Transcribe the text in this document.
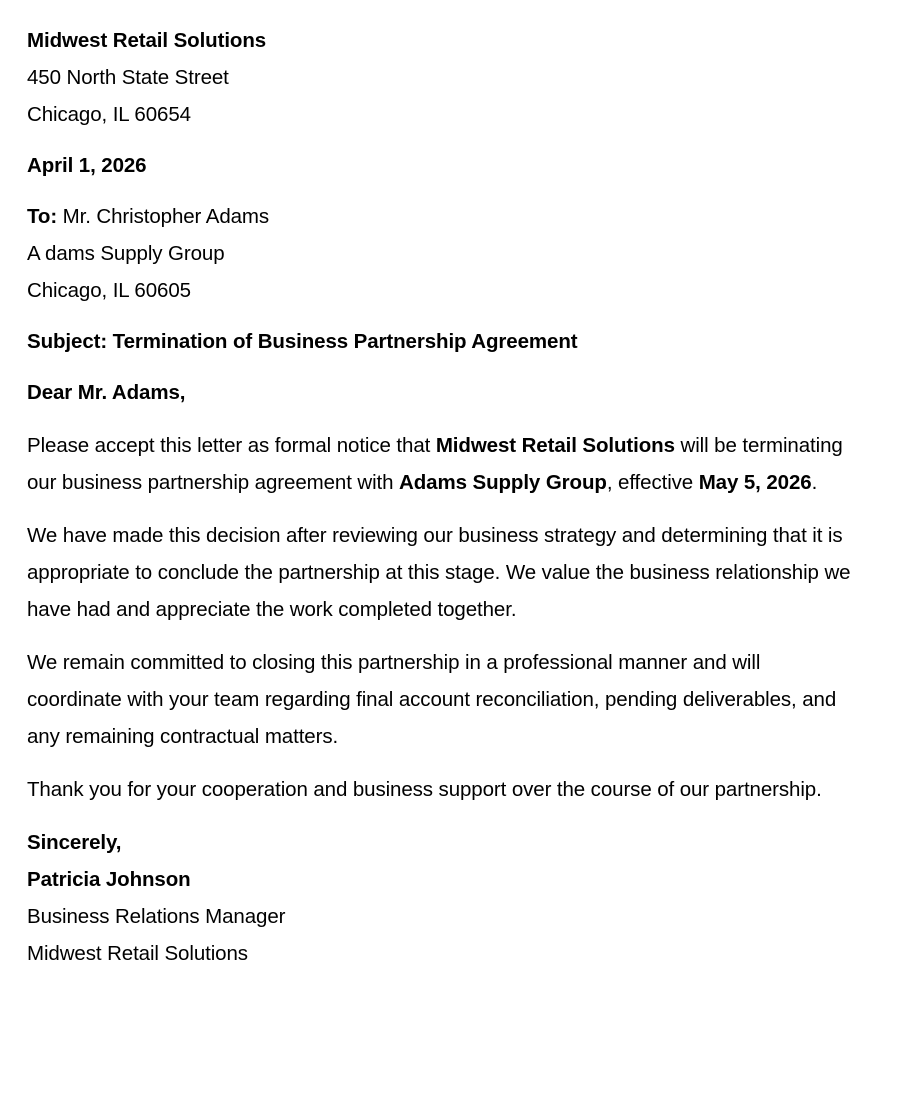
Midwest Retail Solutions
450 North State Street
Chicago, IL 60654
April 1, 2026
To: Mr. Christopher Adams
A dams Supply Group
Chicago, IL 60605
Subject: Termination of Business Partnership Agreement
Dear Mr. Adams,

Please accept this letter as formal notice that Midwest Retail Solutions will be terminating our business partnership agreement with Adams Supply Group, effective May 5, 2026.

We have made this decision after reviewing our business strategy and determining that it is appropriate to conclude the partnership at this stage. We value the business relationship we have had and appreciate the work completed together.

We remain committed to closing this partnership in a professional manner and will coordinate with your team regarding final account reconciliation, pending deliverables, and any remaining contractual matters.

Thank you for your cooperation and business support over the course of our partnership.

Sincerely,
Patricia Johnson
Business Relations Manager
Midwest Retail Solutions
